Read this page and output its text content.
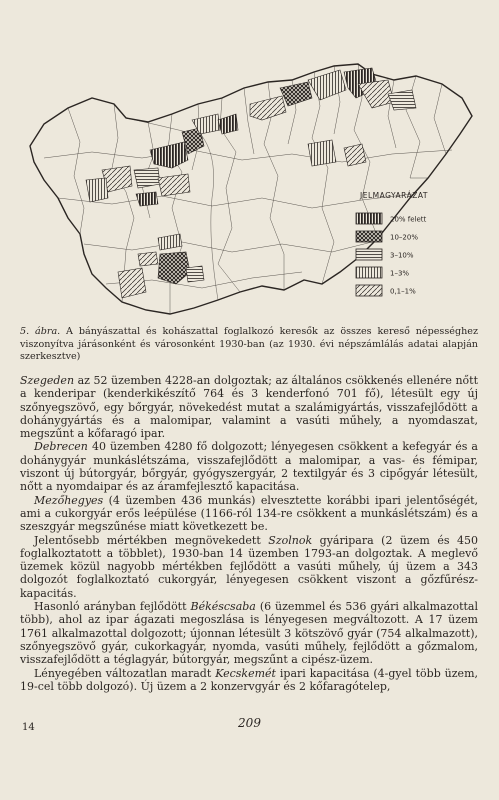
JELMAGYARÁZAT
20% felett
10–20%
3–10%
1–3%
0,1–1%
5. ábra. A bányászattal és kohászattal foglalkozó keresők az összes kereső népességhez viszonyítva járásonként és városonként 1930-ban (az 1930. évi népszámlálás adatai alapján szerkesztve)

Szegeden az 52 üzemben 4228-an dolgoztak; az általános csökkenés ellenére nőtt a kenderipar (kenderkikészítő 764 és 3 kenderfonó 701 fő), létesült egy új szőnyegszövő, egy bőrgyár, növekedést mutat a szalámigyártás, visszafejlődött a dohánygyártás és a malomipar, valamint a vasúti műhely, a nyomdaszat, megszűnt a kőfaragó ipar.

Debrecen 40 üzemben 4280 fő dolgozott; lényegesen csökkent a kefegyár és a dohánygyár munkáslétszáma, visszafejlődött a malomipar, a vas- és fémipar, viszont új bútorgyár, bőrgyár, gyógyszergyár, 2 textilgyár és 3 cipőgyár létesült, nőtt a nyomdaipar és az áramfejlesztő kapacitása.

Mezőhegyes (4 üzemben 436 munkás) elvesztette korábbi ipari jelentőségét, ami a cukorgyár erős leépülése (1166-ról 134-re csökkent a munkáslétszám) és a szeszgyár megszűnése miatt következett be.

Jelentősebb mértékben megnövekedett Szolnok gyáripara (2 üzem és 450 foglalkoztatott a többlet), 1930-ban 14 üzemben 1793-an dolgoztak. A meglevő üzemek közül nagyobb mértékben fejlődött a vasúti műhely, új üzem a 343 dolgozót foglalkoztató cukorgyár, lényegesen csökkent viszont a gőzfűrész-kapacitás.

Hasonló arányban fejlődött Békéscsaba (6 üzemmel és 536 gyári alkalmazottal több), ahol az ipar ágazati megoszlása is lényegesen megváltozott. A 17 üzem 1761 alkalmazottal dolgozott; újonnan létesült 3 kötszövő gyár (754 alkalmazott), szőnyegszövő gyár, cukorkagyár, nyomda, vasúti műhely, fejlődött a gőzmalom, visszafejlődött a téglagyár, bútorgyár, megszűnt a cipész-üzem.

Lényegében változatlan maradt Kecskemét ipari kapacitása (4-gyel több üzem, 19-cel több dolgozó). Új üzem a 2 konzervgyár és 2 kőfaragótelep,

14	209
